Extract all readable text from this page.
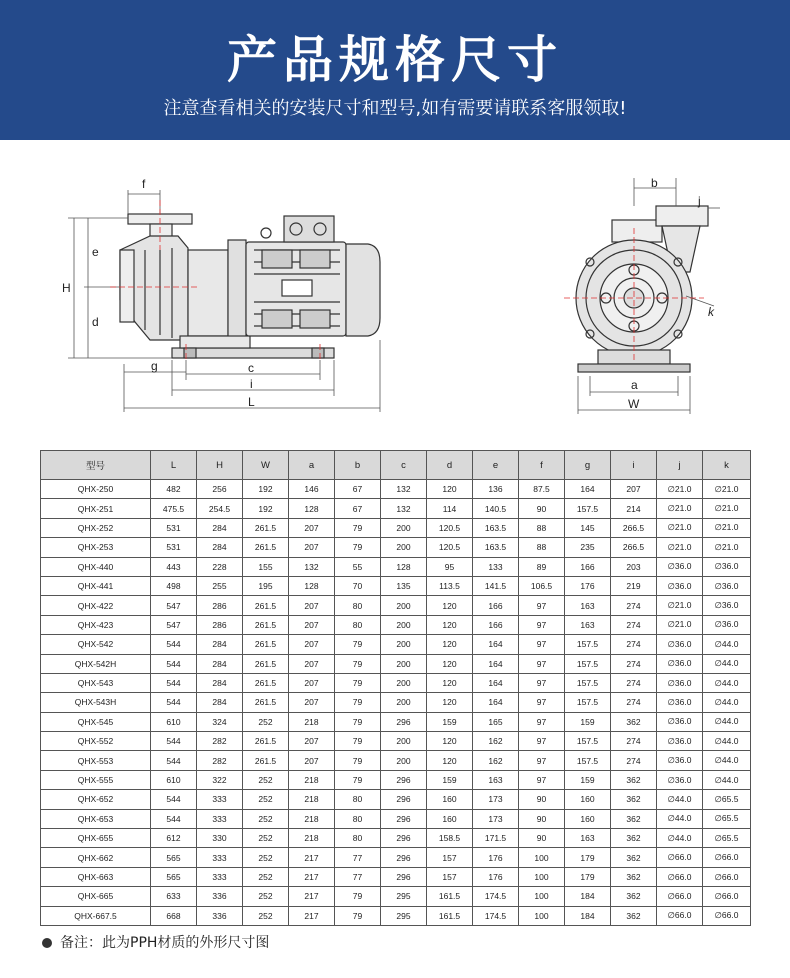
产品规格尺寸
注意查看相关的安装尺寸和型号,如有需要请联系客服领取!
f
e
H
d
g	c
i
L
b
j
k
a
W
型号	L	H	W	a	b	c	d	e	f	g	i	j	k
QHX-250	482	256	192	146	67	132	120	136	87.5	164	207	∅21.0	∅21.0
QHX-251	475.5	254.5	192	128	67	132	114	140.5	90	157.5	214	∅21.0	∅21.0
QHX-252	531	284	261.5	207	79	200	120.5	163.5	88	145	266.5	∅21.0	∅21.0
QHX-253	531	284	261.5	207	79	200	120.5	163.5	88	235	266.5	∅21.0	∅21.0
QHX-440	443	228	155	132	55	128	95	133	89	166	203	∅36.0	∅36.0
QHX-441	498	255	195	128	70	135	113.5	141.5	106.5	176	219	∅36.0	∅36.0
QHX-422	547	286	261.5	207	80	200	120	166	97	163	274	∅21.0	∅36.0
QHX-423	547	286	261.5	207	80	200	120	166	97	163	274	∅21.0	∅36.0
QHX-542	544	284	261.5	207	79	200	120	164	97	157.5	274	∅36.0	∅44.0
QHX-542H	544	284	261.5	207	79	200	120	164	97	157.5	274	∅36.0	∅44.0
QHX-543	544	284	261.5	207	79	200	120	164	97	157.5	274	∅36.0	∅44.0
QHX-543H	544	284	261.5	207	79	200	120	164	97	157.5	274	∅36.0	∅44.0
QHX-545	610	324	252	218	79	296	159	165	97	159	362	∅36.0	∅44.0
QHX-552	544	282	261.5	207	79	200	120	162	97	157.5	274	∅36.0	∅44.0
QHX-553	544	282	261.5	207	79	200	120	162	97	157.5	274	∅36.0	∅44.0
QHX-555	610	322	252	218	79	296	159	163	97	159	362	∅36.0	∅44.0
QHX-652	544	333	252	218	80	296	160	173	90	160	362	∅44.0	∅65.5
QHX-653	544	333	252	218	80	296	160	173	90	160	362	∅44.0	∅65.5
QHX-655	612	330	252	218	80	296	158.5	171.5	90	163	362	∅44.0	∅65.5
QHX-662	565	333	252	217	77	296	157	176	100	179	362	∅66.0	∅66.0
QHX-663	565	333	252	217	77	296	157	176	100	179	362	∅66.0	∅66.0
QHX-665	633	336	252	217	79	295	161.5	174.5	100	184	362	∅66.0	∅66.0
QHX-667.5	668	336	252	217	79	295	161.5	174.5	100	184	362	∅66.0	∅66.0
备注：此为PPH材质的外形尺寸图
